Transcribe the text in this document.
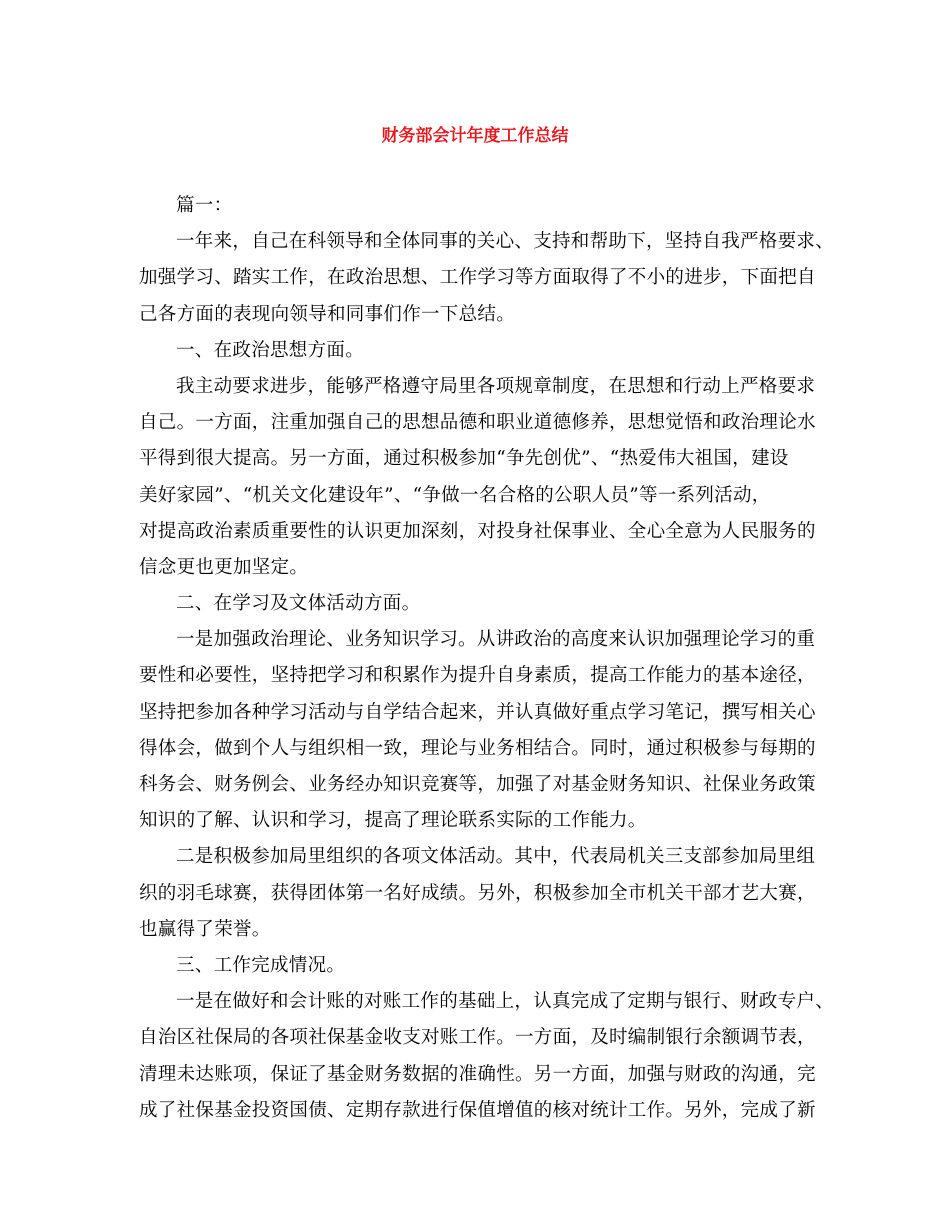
财务部会计年度工作总结
篇一：
一年来，自己在科领导和全体同事的关心、支持和帮助下，坚持自我严格要求、
加强学习、踏实工作，在政治思想、工作学习等方面取得了不小的进步，下面把自
己各方面的表现向领导和同事们作一下总结。
一、在政治思想方面。
我主动要求进步，能够严格遵守局里各项规章制度，在思想和行动上严格要求
自己。一方面，注重加强自己的思想品德和职业道德修养，思想觉悟和政治理论水
平得到很大提高。另一方面，通过积极参加“争先创优”、“热爱伟大祖国，建设
美好家园”、“机关文化建设年”、“争做一名合格的公职人员”等一系列活动，
对提高政治素质重要性的认识更加深刻，对投身社保事业、全心全意为人民服务的
信念更也更加坚定。
二、在学习及文体活动方面。
一是加强政治理论、业务知识学习。从讲政治的高度来认识加强理论学习的重
要性和必要性，坚持把学习和积累作为提升自身素质，提高工作能力的基本途径，
坚持把参加各种学习活动与自学结合起来，并认真做好重点学习笔记，撰写相关心
得体会，做到个人与组织相一致，理论与业务相结合。同时，通过积极参与每期的
科务会、财务例会、业务经办知识竞赛等，加强了对基金财务知识、社保业务政策
知识的了解、认识和学习，提高了理论联系实际的工作能力。
二是积极参加局里组织的各项文体活动。其中，代表局机关三支部参加局里组
织的羽毛球赛，获得团体第一名好成绩。另外，积极参加全市机关干部才艺大赛，
也赢得了荣誉。
三、工作完成情况。
一是在做好和会计账的对账工作的基础上，认真完成了定期与银行、财政专户、
自治区社保局的各项社保基金收支对账工作。一方面，及时编制银行余额调节表，
清理未达账项，保证了基金财务数据的准确性。另一方面，加强与财政的沟通，完
成了社保基金投资国债、定期存款进行保值增值的核对统计工作。另外，完成了新
